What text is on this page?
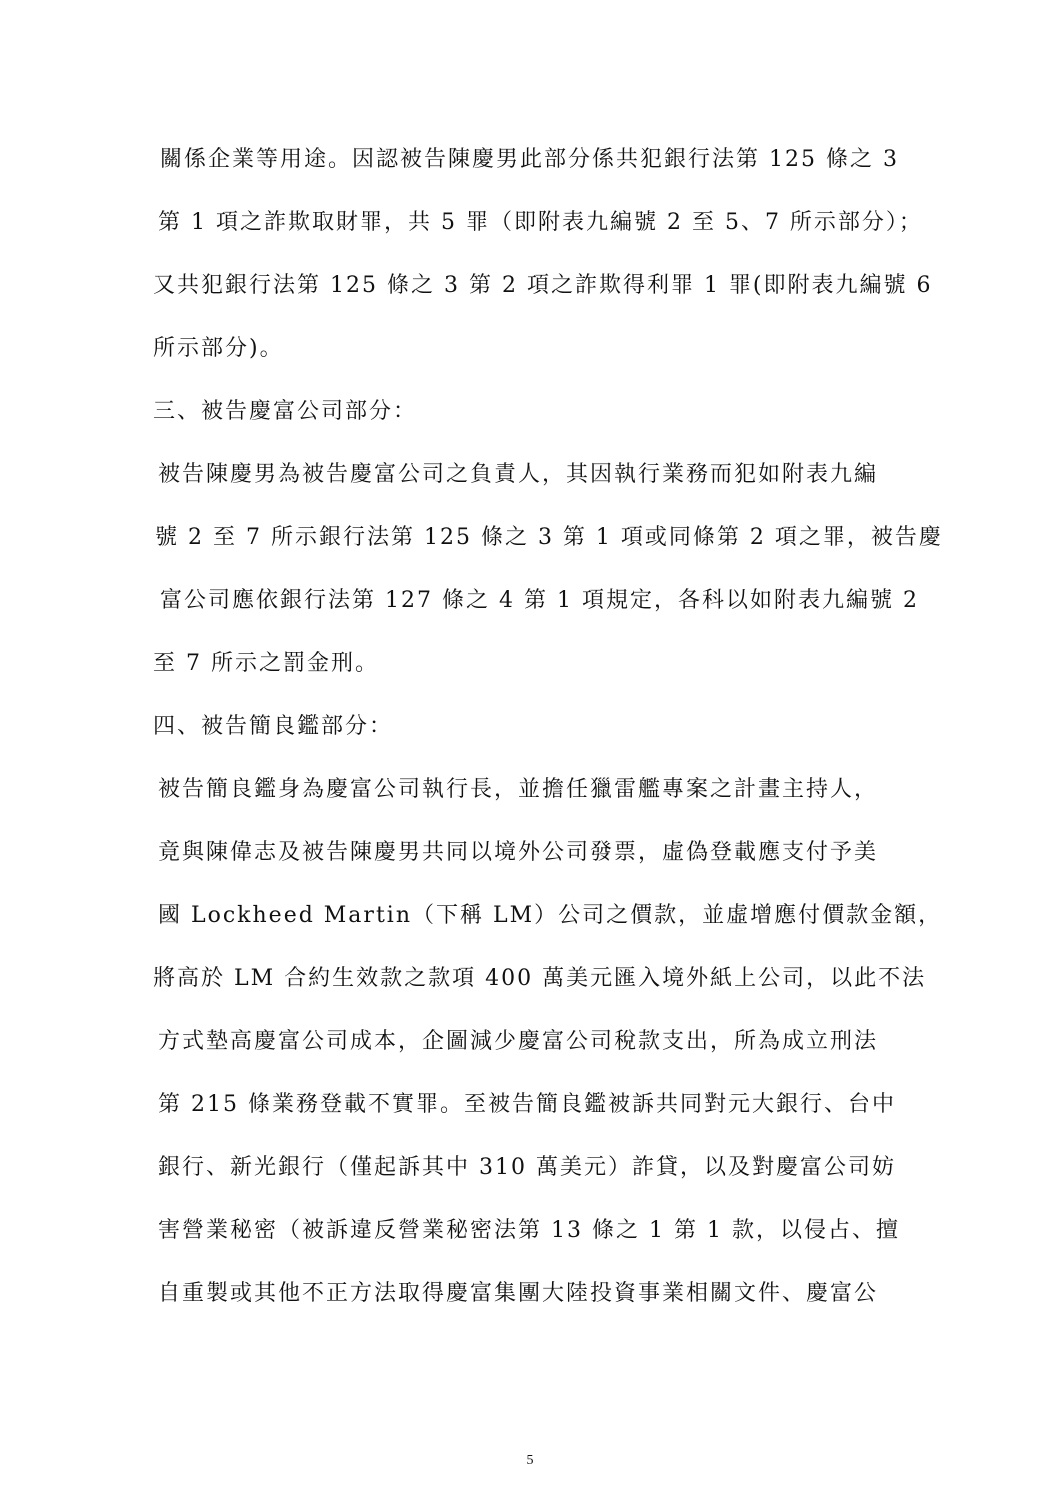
關係企業等用途。因認被告陳慶男此部分係共犯銀行法第 125 條之 3
第 1 項之詐欺取財罪，共 5 罪（即附表九編號 2 至 5、7 所示部分）；
又共犯銀行法第 125 條之 3 第 2 項之詐欺得利罪 1 罪(即附表九編號 6
所示部分)。
三、被告慶富公司部分：
被告陳慶男為被告慶富公司之負責人，其因執行業務而犯如附表九編
號 2 至 7 所示銀行法第 125 條之 3 第 1 項或同條第 2 項之罪，被告慶
富公司應依銀行法第 127 條之 4 第 1 項規定，各科以如附表九編號 2
至 7 所示之罰金刑。
四、被告簡良鑑部分：
被告簡良鑑身為慶富公司執行長，並擔任獵雷艦專案之計畫主持人，
竟與陳偉志及被告陳慶男共同以境外公司發票，虛偽登載應支付予美
國 Lockheed Martin（下稱 LM）公司之價款，並虛增應付價款金額，
將高於 LM 合約生效款之款項 400 萬美元匯入境外紙上公司，以此不法
方式墊高慶富公司成本，企圖減少慶富公司稅款支出，所為成立刑法
第 215 條業務登載不實罪。至被告簡良鑑被訴共同對元大銀行、台中
銀行、新光銀行（僅起訴其中 310 萬美元）詐貸，以及對慶富公司妨
害營業秘密（被訴違反營業秘密法第 13 條之 1 第 1 款，以侵占、擅
自重製或其他不正方法取得慶富集團大陸投資事業相關文件、慶富公
5
